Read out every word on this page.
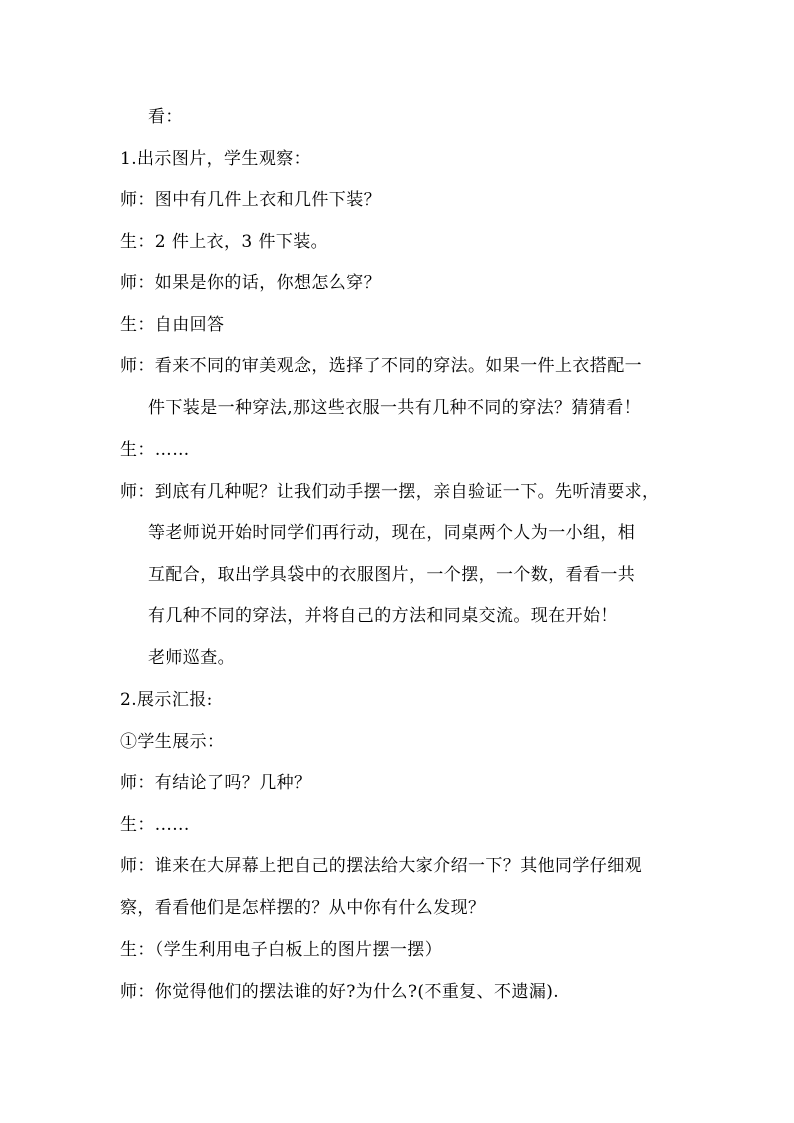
看：
1.出示图片，学生观察：
师：图中有几件上衣和几件下装？
生：2 件上衣，3 件下装。
师：如果是你的话，你想怎么穿？
生：自由回答
师：看来不同的审美观念，选择了不同的穿法。如果一件上衣搭配一
件下装是一种穿法,那这些衣服一共有几种不同的穿法？猜猜看！
生：……
师：到底有几种呢？让我们动手摆一摆，亲自验证一下。先听清要求，
等老师说开始时同学们再行动，现在，同桌两个人为一小组，相
互配合，取出学具袋中的衣服图片，一个摆，一个数，看看一共
有几种不同的穿法，并将自己的方法和同桌交流。现在开始！
老师巡查。
2.展示汇报:
①学生展示：
师：有结论了吗？几种？
生：......
师：谁来在大屏幕上把自己的摆法给大家介绍一下？其他同学仔细观
察，看看他们是怎样摆的？从中你有什么发现？
生：（学生利用电子白板上的图片摆一摆）
师：你觉得他们的摆法谁的好?为什么?(不重复、不遗漏).
